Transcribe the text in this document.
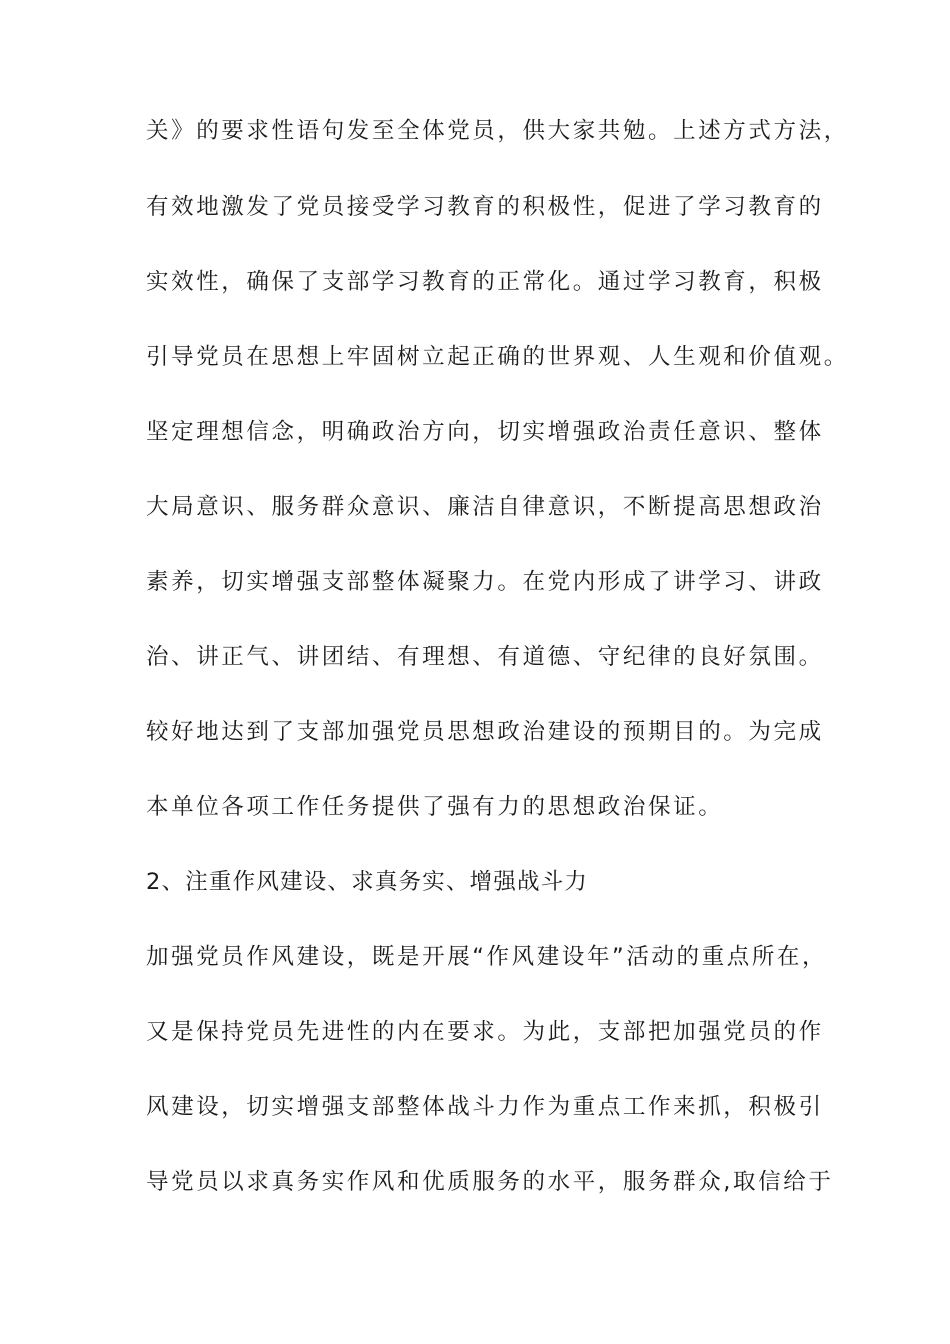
关》的要求性语句发至全体党员，供大家共勉。上述方式方法，
有效地激发了党员接受学习教育的积极性，促进了学习教育的
实效性，确保了支部学习教育的正常化。通过学习教育，积极
引导党员在思想上牢固树立起正确的世界观、人生观和价值观。
坚定理想信念，明确政治方向，切实增强政治责任意识、整体
大局意识、服务群众意识、廉洁自律意识，不断提高思想政治
素养，切实增强支部整体凝聚力。在党内形成了讲学习、讲政
治、讲正气、讲团结、有理想、有道德、守纪律的良好氛围。
较好地达到了支部加强党员思想政治建设的预期目的。为完成
本单位各项工作任务提供了强有力的思想政治保证。
2、注重作风建设、求真务实、增强战斗力
加强党员作风建设，既是开展“作风建设年”活动的重点所在，
又是保持党员先进性的内在要求。为此，支部把加强党员的作
风建设，切实增强支部整体战斗力作为重点工作来抓，积极引
导党员以求真务实作风和优质服务的水平，服务群众,取信给于
